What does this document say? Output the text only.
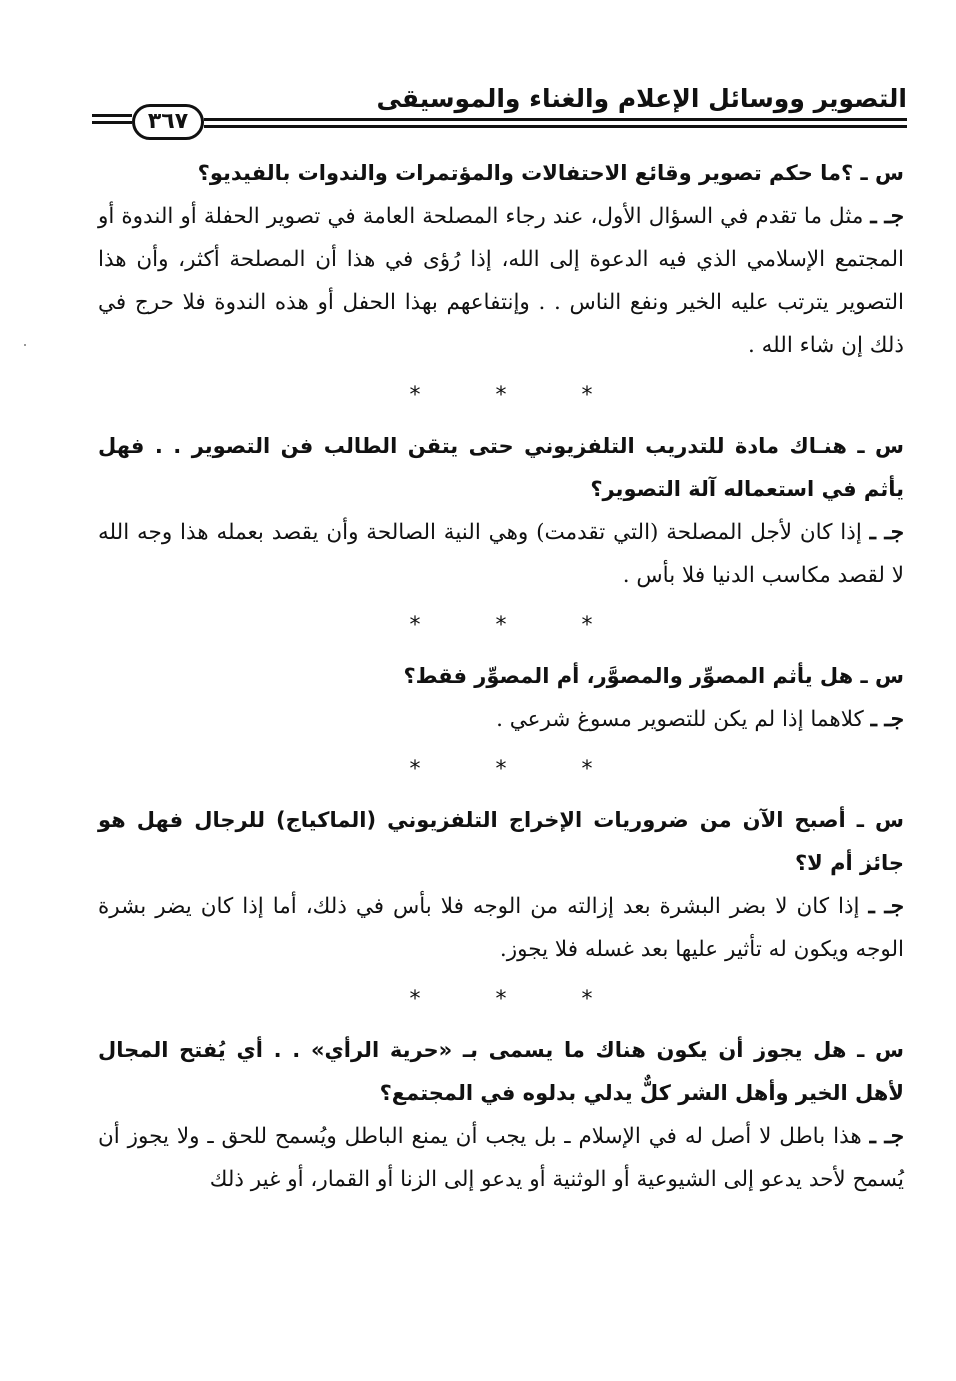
٣٦٧
التصوير ووسائل الإعلام والغناء والموسيقى

س ـ ؟ما حكم تصوير وقائع الاحتفالات والمؤتمرات والندوات بالفيديو؟

جـ ـ مثل ما تقدم في السؤال الأول، عند رجاء المصلحة العامة في تصوير الحفلة أو الندوة أو المجتمع الإسلامي الذي فيه الدعوة إلى الله، إذا رُؤى في هذا أن المصلحة أكثر، وأن هذا التصوير يترتب عليه الخير ونفع الناس . . وإنتفاعهم بهذا الحفل أو هذه الندوة فلا حرج في ذلك إن شاء الله .

* * *

س ـ هنـاك مادة للتدريب التلفزيوني حتى يتقن الطالب فن التصوير . . فهل يأثم في استعماله آلة التصوير؟

جـ ـ إذا كان لأجل المصلحة (التي تقدمت) وهي النية الصالحة وأن يقصد بعمله هذا وجه الله لا لقصد مكاسب الدنيا فلا بأس .

* * *

س ـ هل يأثم المصوِّر والمصوَّر، أم المصوِّر فقط؟

جـ ـ كلاهما إذا لم يكن للتصوير مسوغ شرعي .

* * *

س ـ أصبح الآن من ضروريات الإخراج التلفزيوني (الماكياج) للرجال فهل هو جائز أم لا؟

جـ ـ إذا كان لا بضر البشرة بعد إزالته من الوجه فلا بأس في ذلك، أما إذا كان يضر بشرة الوجه ويكون له تأثير عليها بعد غسله فلا يجوز.

* * *

س ـ هل يجوز أن يكون هناك ما يسمى بـ «حرية الرأي» . . أي يُفتح المجال لأهل الخير وأهل الشر كلٌّ يدلي بدلوه في المجتمع؟

جـ ـ هذا باطل لا أصل له في الإسلام ـ بل يجب أن يمنع الباطل ويُسمح للحق ـ ولا يجوز أن يُسمح لأحد يدعو إلى الشيوعية أو الوثنية أو يدعو إلى الزنا أو القمار، أو غير ذلك
